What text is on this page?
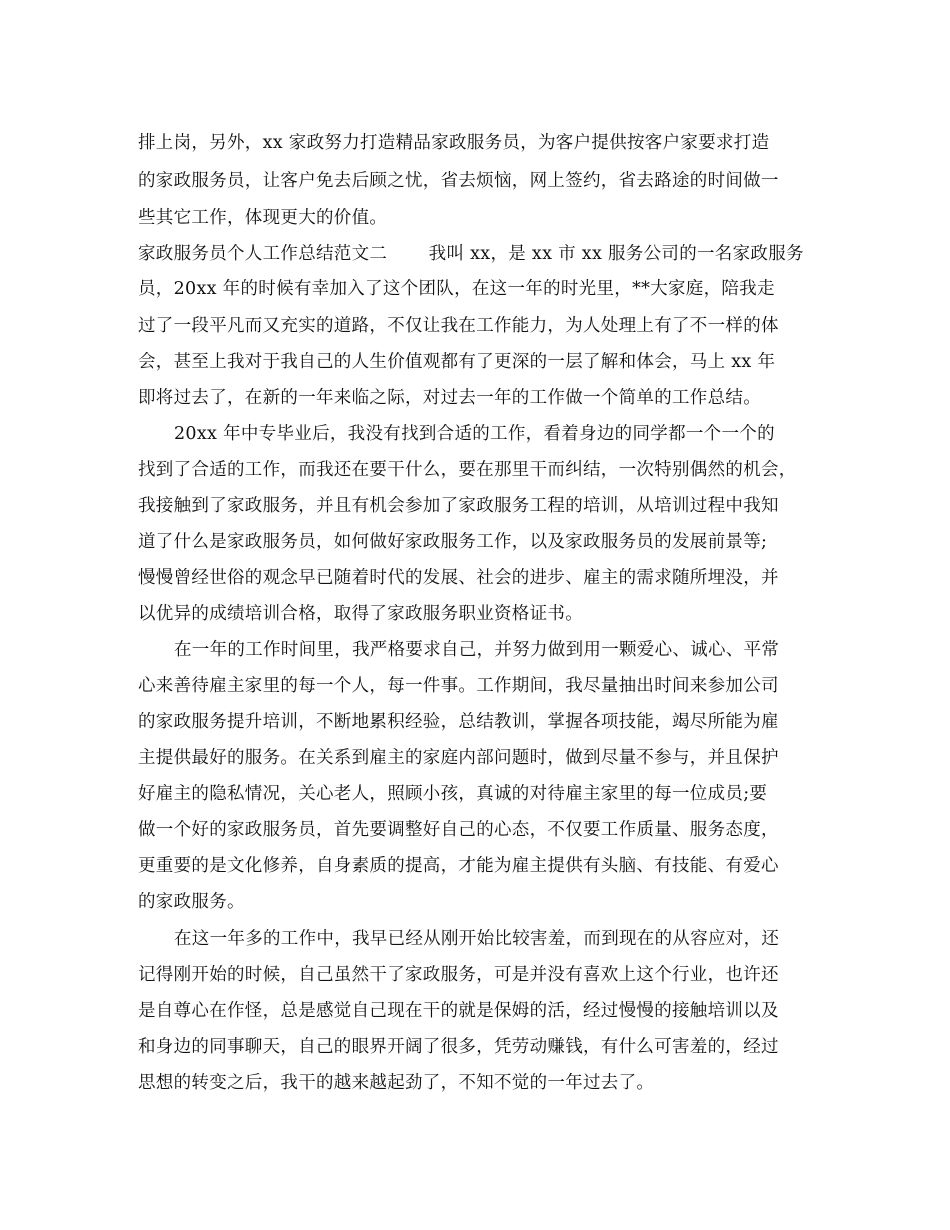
排上岗，另外，xx 家政努力打造精品家政服务员，为客户提供按客户家要求打造
的家政服务员，让客户免去后顾之忧，省去烦恼，网上签约，省去路途的时间做一
些其它工作，体现更大的价值。
家政服务员个人工作总结范文二　　 我叫 xx，是 xx 市 xx 服务公司的一名家政服务
员，20xx 年的时候有幸加入了这个团队，在这一年的时光里，**大家庭，陪我走
过了一段平凡而又充实的道路，不仅让我在工作能力，为人处理上有了不一样的体
会，甚至上我对于我自己的人生价值观都有了更深的一层了解和体会，马上 xx 年
即将过去了，在新的一年来临之际，对过去一年的工作做一个简单的工作总结。
20xx 年中专毕业后，我没有找到合适的工作，看着身边的同学都一个一个的
找到了合适的工作，而我还在要干什么，要在那里干而纠结，一次特别偶然的机会，
我接触到了家政服务，并且有机会参加了家政服务工程的培训，从培训过程中我知
道了什么是家政服务员，如何做好家政服务工作，以及家政服务员的发展前景等;
慢慢曾经世俗的观念早已随着时代的发展、社会的进步、雇主的需求随所埋没，并
以优异的成绩培训合格，取得了家政服务职业资格证书。
在一年的工作时间里，我严格要求自己，并努力做到用一颗爱心、诚心、平常
心来善待雇主家里的每一个人，每一件事。工作期间，我尽量抽出时间来参加公司
的家政服务提升培训，不断地累积经验，总结教训，掌握各项技能，竭尽所能为雇
主提供最好的服务。在关系到雇主的家庭内部问题时，做到尽量不参与，并且保护
好雇主的隐私情况，关心老人，照顾小孩，真诚的对待雇主家里的每一位成员;要
做一个好的家政服务员，首先要调整好自己的心态，不仅要工作质量、服务态度，
更重要的是文化修养，自身素质的提高，才能为雇主提供有头脑、有技能、有爱心
的家政服务。
在这一年多的工作中，我早已经从刚开始比较害羞，而到现在的从容应对，还
记得刚开始的时候，自己虽然干了家政服务，可是并没有喜欢上这个行业，也许还
是自尊心在作怪，总是感觉自己现在干的就是保姆的活，经过慢慢的接触培训以及
和身边的同事聊天，自己的眼界开阔了很多，凭劳动赚钱，有什么可害羞的，经过
思想的转变之后，我干的越来越起劲了，不知不觉的一年过去了。
